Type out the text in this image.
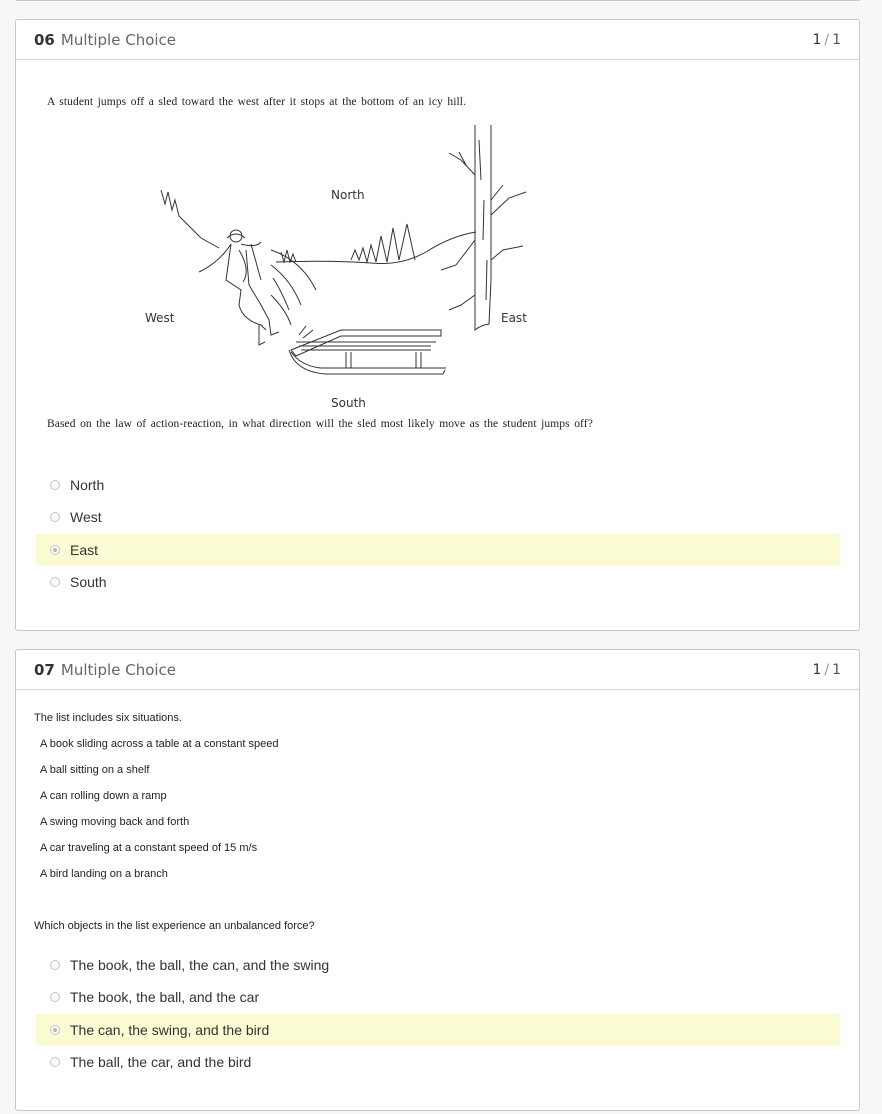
06 Multiple Choice	1 / 1
A student jumps off a sled toward the west after it stops at the bottom of an icy hill.
North
West	East
South
Based on the law of action-reaction, in what direction will the sled most likely move as the student jumps off?
North
West
East
South
07 Multiple Choice	1 / 1
The list includes six situations.
A book sliding across a table at a constant speed
A ball sitting on a shelf
A can rolling down a ramp
A swing moving back and forth
A car traveling at a constant speed of 15 m/s
A bird landing on a branch
Which objects in the list experience an unbalanced force?
The book, the ball, the can, and the swing
The book, the ball, and the car
The can, the swing, and the bird
The ball, the car, and the bird
